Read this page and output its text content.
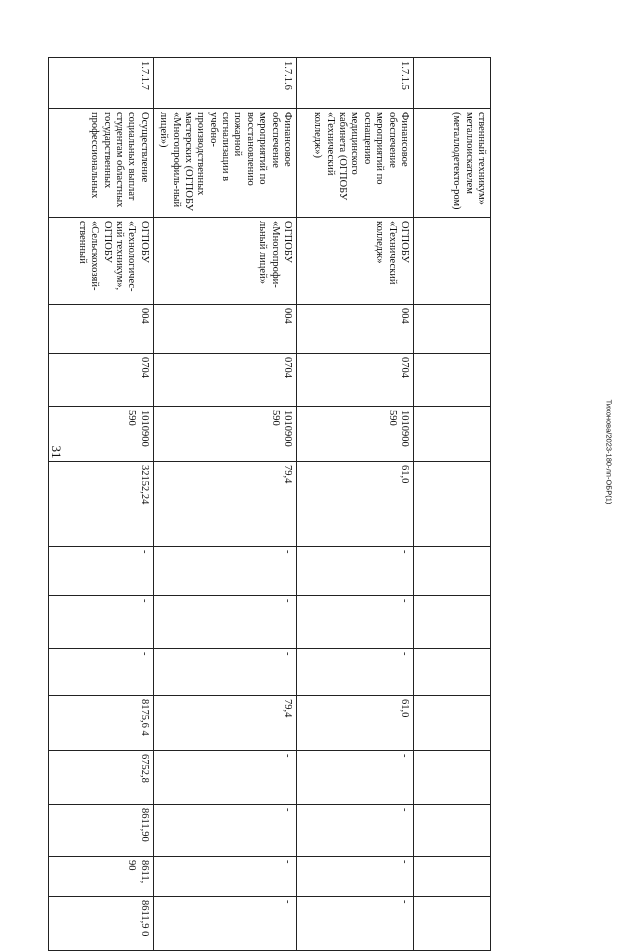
31	Тихонова/2023-180-лп-ОБР(1)
	ственный техникум» металлоискателем (металлодетекто-ром)													
1.7.1.5	Финансовое обеспечение мероприятий по оснащению медицинского кабинета (ОГПОБУ «Технический колледж»)	ОГПОБУ «Технический колледж»	004	0704	1010900 590	61,0	-	-	-	61,0	-	-	-	-
1.7.1.6	Финансовое обеспечение мероприятий по восстановлению пожарной сигнализации в учебно-производственных мастерских (ОГПОБУ «Многопрофиль-ный лицей»)	ОГПОБУ «Многопрофи-льный лицей»	004	0704	1010900 590	79,4	-	-	-	79,4	-	-	-	-
1.7.1.7	Осуществление социальных выплат студентам областных государственных профессиональных	ОГПОБУ «Технологичес-кий техникум», ОГПОБУ «Сельскохозяй-ственный	004	0704	1010900 590	32152,24	-	-	-	8175,6 4	6752,8	8611,90	8611, 90	8611,9 0
